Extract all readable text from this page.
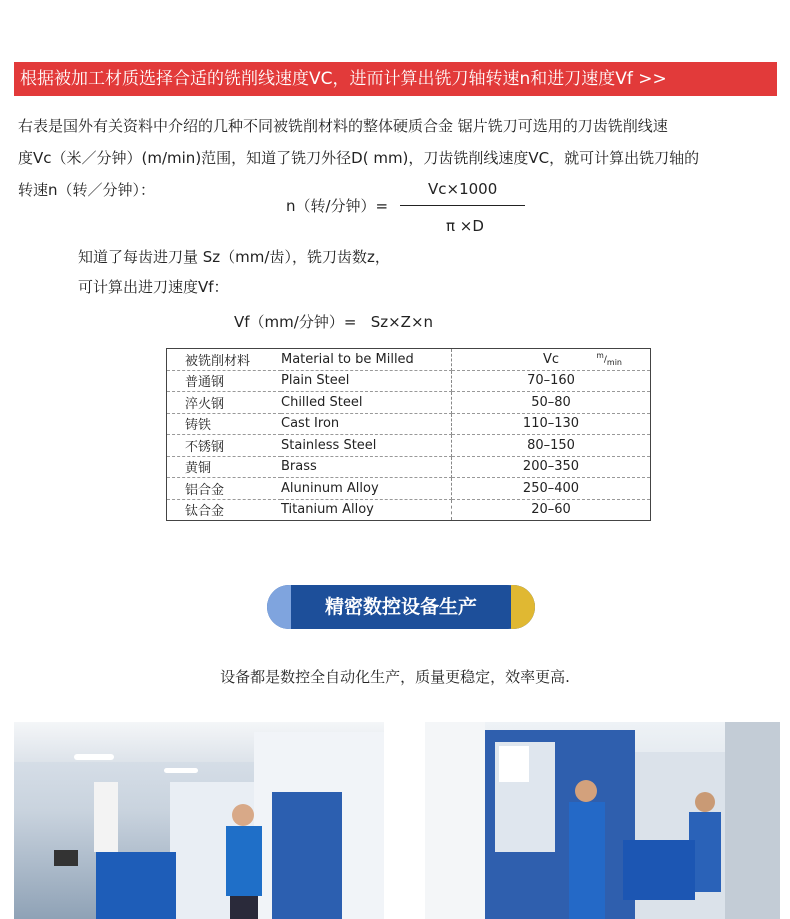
根据被加工材质选择合适的铣削线速度VC，进而计算出铣刀轴转速n和进刀速度Vf >>
右表是国外有关资料中介绍的几种不同被铣削材料的整体硬质合金 锯片铣刀可选用的刀齿铣削线速
度Vc（米／分钟）(m/min)范围，知道了铣刀外径D( mm)，刀齿铣削线速度VC，就可计算出铣刀轴的
转速n（转／分钟）：
n（转/分钟）=
Vc×1000
π ×D
知道了每齿进刀量 Sz（mm/齿），铣刀齿数z，
可计算出进刀速度Vf：
Vf（mm/分钟）= Sz×Z×n
被铣削材料	Material to be Milled	Vc $^m/_{min}$

普通钢	Plain Steel	70–160
淬火钢	Chilled Steel	50–80
铸铁	Cast Iron	110–130
不锈钢	Stainless Steel	80–150
黄铜	Brass	200–350
铝合金	Aluninum Alloy	250–400
钛合金	Titanium Alloy	20–60
精密数控设备生产
设备都是数控全自动化生产，质量更稳定，效率更高.
